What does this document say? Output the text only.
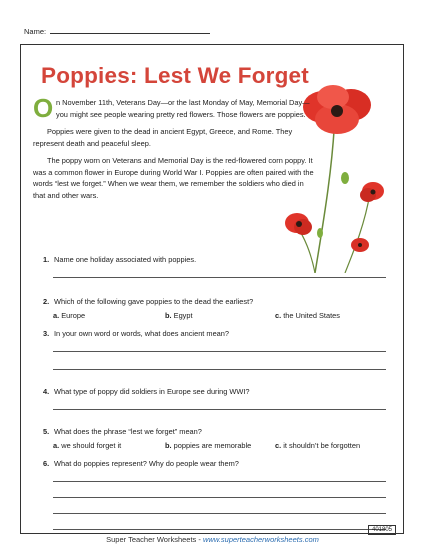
Name:
Poppies: Lest We Forget

O n November 11th, Veterans Day—or the last Monday of May, Memorial Day—you might see people wearing pretty red flowers. Those flowers are poppies.

Poppies were given to the dead in ancient Egypt, Greece, and Rome. They represent death and peaceful sleep.

The poppy worn on Veterans and Memorial Day is the red-flowered corn poppy. It was a common flower in Europe during World War I. Poppies are often paired with the words “lest we forget.” When we wear them, we remember the soldiers who died in that and other wars.

1. Name one holiday associated with poppies.
2. Which of the following gave poppies to the dead the earliest?
a. Europe	b. Egypt	c. the United States
3. In your own word or words, what does ancient mean?
4. What type of poppy did soldiers in Europe see during WWI?
5. What does the phrase “lest we forget” mean?
a. we should forget it	b. poppies are memorable	c. it shouldn’t be forgotten
6. What do poppies represent? Why do people wear them?
401805
Super Teacher Worksheets - www.superteacherworksheets.com
